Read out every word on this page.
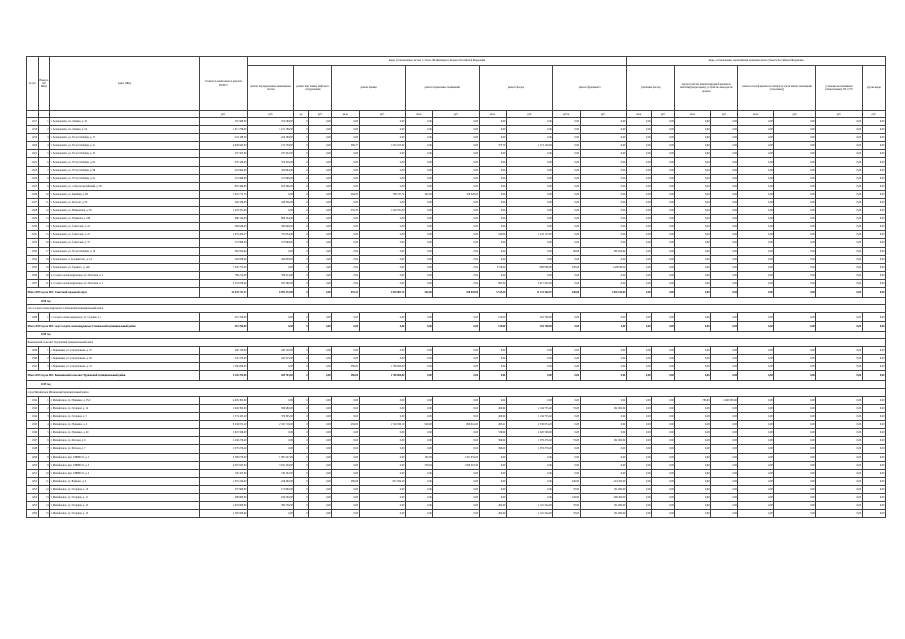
№ п/п	Номер в АО МКД	Адрес МКД	Стоимость капитального ремонта ВСЕГО	виды, установленные частью 1 статьи 166 Жилищного Кодекса Российской Федерации											виды, установленные нормативным правовым актом субъекта Российской Федерации							
				ремонт внутридомовых инженерных систем	ремонт или замена лифтового оборудования		ремонт крыши		ремонт подвальных помещений		ремонт фасада		ремонт фундамента		утепление фасада		переустройство невентилируемой крыши на вентилируемую крышу, устройство выходов на кровлю		замена плоской крыши на скатную (в части жилых помещений (отдельных))		установка коллективных (общедомовых) ПУ и УУ	другие виды
			руб.	руб.	ед.	руб.	кв.м.	руб.	кв.м.	руб.	кв.м.	руб.	куб.м.	руб.	кв.м.	руб.	кв.м.	руб.	кв.м.	руб.	руб.	руб.
1017	1	г. Зеленокумск, пл. Ленина, д. 32	552 568,00	552 568,00	0	0,00	0,00	0,00	0,00	0,00	0,00	0,00	0,00	0,00	0,00	0,00	0,00	0,00	0,00	0,00	0,00	0,00
1018	2	г. Зеленокумск, пл. Ленина, д. 54	1 011 786,00	1 011 786,00	0	0,00	0,00	0,00	0,00	0,00	0,00	0,00	0,00	0,00	0,00	0,00	0,00	0,00	0,00	0,00	0,00	0,00
1019	3	г. Зеленокумск, ул. 50 лет Октября, д. 17	224 188,00	224 188,00	0	0,00	0,00	0,00	0,00	0,00	0,00	0,00	0,00	0,00	0,00	0,00	0,00	0,00	0,00	0,00	0,00	0,00
1020	4	г. Зеленокумск, ул. 50 лет Октября, д. 21	2 946 943,00	215 738,00	0	0,00	380,27	1 452 105,00	0,00	0,00	375,70	1 272 126,00	0,00	0,00	0,00	0,00	0,00	0,00	0,00	0,00	0,00	0,00
1021	5	г. Зеленокумск, ул. 50 лет Октября, д. 23	237 502,00	237 502,00	0	0,00	0,00	0,00	0,00	0,00	0,00	0,00	0,00	0,00	0,00	0,00	0,00	0,00	0,00	0,00	0,00	0,00
1022	6	г. Зеленокумск, ул. 50 лет Октября, д. 65	376 328,00	376 328,00	0	0,00	0,00	0,00	0,00	0,00	0,00	0,00	0,00	0,00	0,00	0,00	0,00	0,00	0,00	0,00	0,00	0,00
1023	7	г. Зеленокумск, ул. 50 лет Октября, д. 69	324 994,00	324 994,00	0	0,00	0,00	0,00	0,00	0,00	0,00	0,00	0,00	0,00	0,00	0,00	0,00	0,00	0,00	0,00	0,00	0,00
1024	8	г. Зеленокумск, ул. 50 лет Октября, д. 91	272 998,00	272 998,00	0	0,00	0,00	0,00	0,00	0,00	0,00	0,00	0,00	0,00	0,00	0,00	0,00	0,00	0,00	0,00	0,00	0,00
1025	9	г. Зеленокумск, ул. 1-Пролетарскийский, д. 36	823 366,00	823 366,00	0	0,00	0,00	0,00	0,00	0,00	0,00	0,00	0,00	0,00	0,00	0,00	0,00	0,00	0,00	0,00	0,00	0,00
1026	10	г. Зеленокумск, ул. Крайняя, д. 68	1 316 775,74	0,00	0	0,00	264,00	788 747,74	202,00	528 028,00	0,00	0,00	0,00	0,00	0,00	0,00	0,00	0,00	0,00	0,00	0,00	0,00
1027	11	г. Зеленокумск, ул. Кутузов, д. 33	228 336,00	228 336,00	0	0,00	0,00	0,00	0,00	0,00	0,00	0,00	0,00	0,00	0,00	0,00	0,00	0,00	0,00	0,00	0,00	0,00
1028	12	г. Зеленокумск, ул. Маяковская, д. 39	1 204 781,00	0,00	0	0,00	332,30	1 204 781,00	0,00	0,00	0,00	0,00	0,00	0,00	0,00	0,00	0,00	0,00	0,00	0,00	0,00	0,00
1029	13	г. Зеленокумск, ул. Пушкина, д. 239	688 144,00	688 144,00	0	0,00	0,00	0,00	0,00	0,00	0,00	0,00	0,00	0,00	0,00	0,00	0,00	0,00	0,00	0,00	0,00	0,00
1030	14	г. Зеленокумск, ул. Советская, д. 22	560 648,00	560 648,00	0	0,00	0,00	0,00	0,00	0,00	0,00	0,00	0,00	0,00	0,00	0,00	0,00	0,00	0,00	0,00	0,00	0,00
1031	15	г. Зеленокумск, ул. Советская, д. 25	1 679 262,27	755 054,00	0	0,00	0,00	0,00	0,00	0,00	546,30	1 224 155,87	0,00	0,00	0,00	0,00	0,00	0,00	0,00	0,00	0,00	0,00
1032	16	г. Зеленокумск, ул. Советская, д. 37	273 998,00	273 998,00	0	0,00	0,00	0,00	0,00	0,00	0,00	0,00	0,00	0,00	0,00	0,00	0,00	0,00	0,00	0,00	0,00	0,00
1033	17	г. Зеленокумск, ул. 50 лет Октября, д. 19	392 954,64	0,00	0	0,00	0,00	0,00	0,00	0,00	0,00	0,00	96,68	392 954,64	0,00	0,00	0,00	0,00	0,00	0,00	0,00	0,00
1034	18	г. Зеленокумск, п. Средний Лес, д. 14	294 838,00	294 838,00	0	0,00	0,00	0,00	0,00	0,00	0,00	0,00	0,00	0,00	0,00	0,00	0,00	0,00	0,00	0,00	0,00	0,00
1035	19	г. Зеленокумск, ул. Горького, д. 149	7 320 755,00	0,00	0	0,00	0,00	0,00	0,00	0,00	3728,00	5887566,00	330,00	1433189,00	0,00	0,00	0,00	0,00	0,00	0,00	0,00	0,00
1036	20	п. Солдато-Александровское, ул. Почтовая, д. 3	786 214,00	786 214,00	0	0,00	0,00	0,00	0,00	0,00	0,00	0,00	0,00	0,00	0,00	0,00	0,00	0,00	0,00	0,00	0,00	0,00
1037	21	п. Солдато-Александровское, ул. Почтовая, д. 5	3 553 036,00	635 580,00	0	0,00	0,00	0,00	0,00	0,00	865,30	2 917 452,00	0,00	0,00	0,00	0,00	0,00	0,00	0,00	0,00	0,00	0,00
Итого 2019 год по МО: Советский городской округ			24 476 711,37	6 993 272,00	0	0,00	976,23	3 940 881,74	202,00	528 028,00	5 515,30	11 331 464,87	426,68	1 826 144,64	0,00	0,00	0,00	0,00	0,00	0,00	0,00	0,00
2019 год																						
село Солдато-Александровское Степновский муниципальный район																						
1038	1	с. Солдато-Александровское, ул. Садовая, д. 1	410 760,00	0,00	0	0,00	0,00	0,00	0,00	0,00	120,00	410 760,00	0,00	0,00	0,00	0,00	0,00	0,00	0,00	0,00	0,00	0,00
Итого 2019 год по МО: село Солдато-Александровское Степновский муниципальный район			410 760,00	0,00	0	0,00	0,00	0,00	0,00	0,00	120,00	410 760,00	0,00	0,00	0,00	0,00	0,00	0,00	0,00	0,00	0,00	0,00
2019 год																						
Бекешевский сельсовет Труновский муниципальный район																						
1039	1	с. Бекешевка, ул. Строительная, д. 27	240 150,00	240 150,00	0	0,00	0,00	0,00	0,00	0,00	0,00	0,00	0,00	0,00	0,00	0,00	0,00	0,00	0,00	0,00	0,00	0,00
1040	2	с. Бекешевка, ул. Строительная, д. 29	245 553,00	245 553,00	0	0,00	0,00	0,00	0,00	0,00	0,00	0,00	0,00	0,00	0,00	0,00	0,00	0,00	0,00	0,00	0,00	0,00
1041	3	с. Бекешевка, ул. Строительная, д. 31	1 760 000,00	0,00	0	0,00	380,00	1 760 000,00	0,00	0,00	0,00	0,00	0,00	0,00	0,00	0,00	0,00	0,00	0,00	0,00	0,00	0,00
Итого 2019 год по МО: Бекешевский сельсовет Труновский муниципальный район			2 245 703,00	285 703,00	0	0,00	380,00	1 760 000,00	0,00	0,00	0,00	0,00	0,00	0,00	0,00	0,00	0,00	0,00	0,00	0,00	0,00	0,00
2019 год																						
город Михайловск Шпаковский муниципальный район																						
1042	1	г. Михайловск, ул. Пушкина, д. 55/2	4 495 395,60	0,00	0	0,00	0,00	0,00	0,00	0,00	0,00	0,00	0,00	0,00	0,00	0,00	780,00	4 495 395,60	0,00	0,00	0,00	0,00
1043	2	г. Михайловск, ул. Гагарина, д. 14	1 946 395,00	588 480,00	0	0,00	0,00	0,00	0,00	0,00	400,00	1 194 755,40	70,00	161 000,00	0,00	0,00	0,00	0,00	0,00	0,00	0,00	0,00
1044	3	г. Михайловск, ул. Гагарина, д. 5	1 574 165,40	379 365,00	0	0,00	0,00	0,00	0,00	0,00	400,00	1 194 755,40	0,00	0,00	0,00	0,00	0,00	0,00	0,00	0,00	0,00	0,00
1045	4	г. Михайловск, ул. Пушкина, д. 4	8 549 972,10	2 100 716,00	0	0,00	450,00	1 740 630,10	540,00	699 641,00	485,21	2 330 874,20	0,00	0,00	0,00	0,00	0,00	0,00	0,00	0,00	0,00	0,00
1046	5	г. Михайловск, ул. Пушкина, д. 49	1 825 598,00	0,00	0	0,00	0,00	0,00	0,00	0,00	536,00	1 825 598,00	0,00	0,00	0,00	0,00	0,00	0,00	0,00	0,00	0,00	0,00
1047	6	г. Михайловск, ул. Рабочая, д. 6	1 240 276,40	0,00	0	0,00	0,00	0,00	0,00	0,00	396,00	1 079 276,40	70,00	161 000,00	0,00	0,00	0,00	0,00	0,00	0,00	0,00	0,00
1048	7	г. Михайловск, ул. Рабочая, д. 7	1 079 276,40	0,00	0	0,00	0,00	0,00	0,00	0,00	396,00	1 079 276,40	0,00	0,00	0,00	0,00	0,00	0,00	0,00	0,00	0,00	0,00
1049	8	г. Михайловск, пер. СНИИСХ, д. 2	3 399 079,00	1 897 247,00	0	0,00	0,00	0,00	195,00	1 501 832,00	0,00	0,00	0,00	0,00	0,00	0,00	0,00	0,00	0,00	0,00	0,00	0,00
1050	9	г. Михайловск, пер. СНИИСХ, д. 3	4 037 645,00	3 031 329,00	0	0,00	0,00	0,00	538,40	1 006 316,00	0,00	0,00	0,00	0,00	0,00	0,00	0,00	0,00	0,00	0,00	0,00	0,00
1051	10	г. Михайловск, пер. СНИИСХ, д. 4	740 102,00	740 102,00	0	0,00	0,00	0,00	0,00	0,00	0,00	0,00	0,00	0,00	0,00	0,00	0,00	0,00	0,00	0,00	0,00	0,00
1052	11	г. Михайловск, ул. Войкова, д. 6	1 555 244,20	228 460,00	0	0,00	280,00	827 294,20	0,00	0,00	0,00	0,00	226,00	224 704,00	0,00	0,00	0,00	0,00	0,00	0,00	0,00	0,00
1053	12	г. Михайловск, ул. Гагарина, д. 10	337 960,00	175 960,00	0	0,00	0,00	0,00	0,00	0,00	0,00	0,00	70,00	161 000,00	0,00	0,00	0,00	0,00	0,00	0,00	0,00	0,00
1054	13	г. Михайловск, ул. Гагарина, д. 11	488 800,00	190 200,00	0	0,00	0,00	0,00	0,00	0,00	0,00	0,00	126,00	298 200,00	0,00	0,00	0,00	0,00	0,00	0,00	0,00	0,00
1055	14	г. Михайловск, ул. Гагарина, д. 12	1 943 080,00	590 756,00	0	0,00	0,00	0,00	0,00	0,00	404,00	1 191 324,00	70,00	161 000,00	0,00	0,00	0,00	0,00	0,00	0,00	0,00	0,00
1056	15	г. Михайловск, ул. Гагарина, д. 13	1 595 856,00	0,00	0	0,00	0,00	0,00	0,00	0,00	404,00	1 191 324,00	70,00	161 000,00	0,00	0,00	0,00	0,00	0,00	0,00	0,00	0,00
